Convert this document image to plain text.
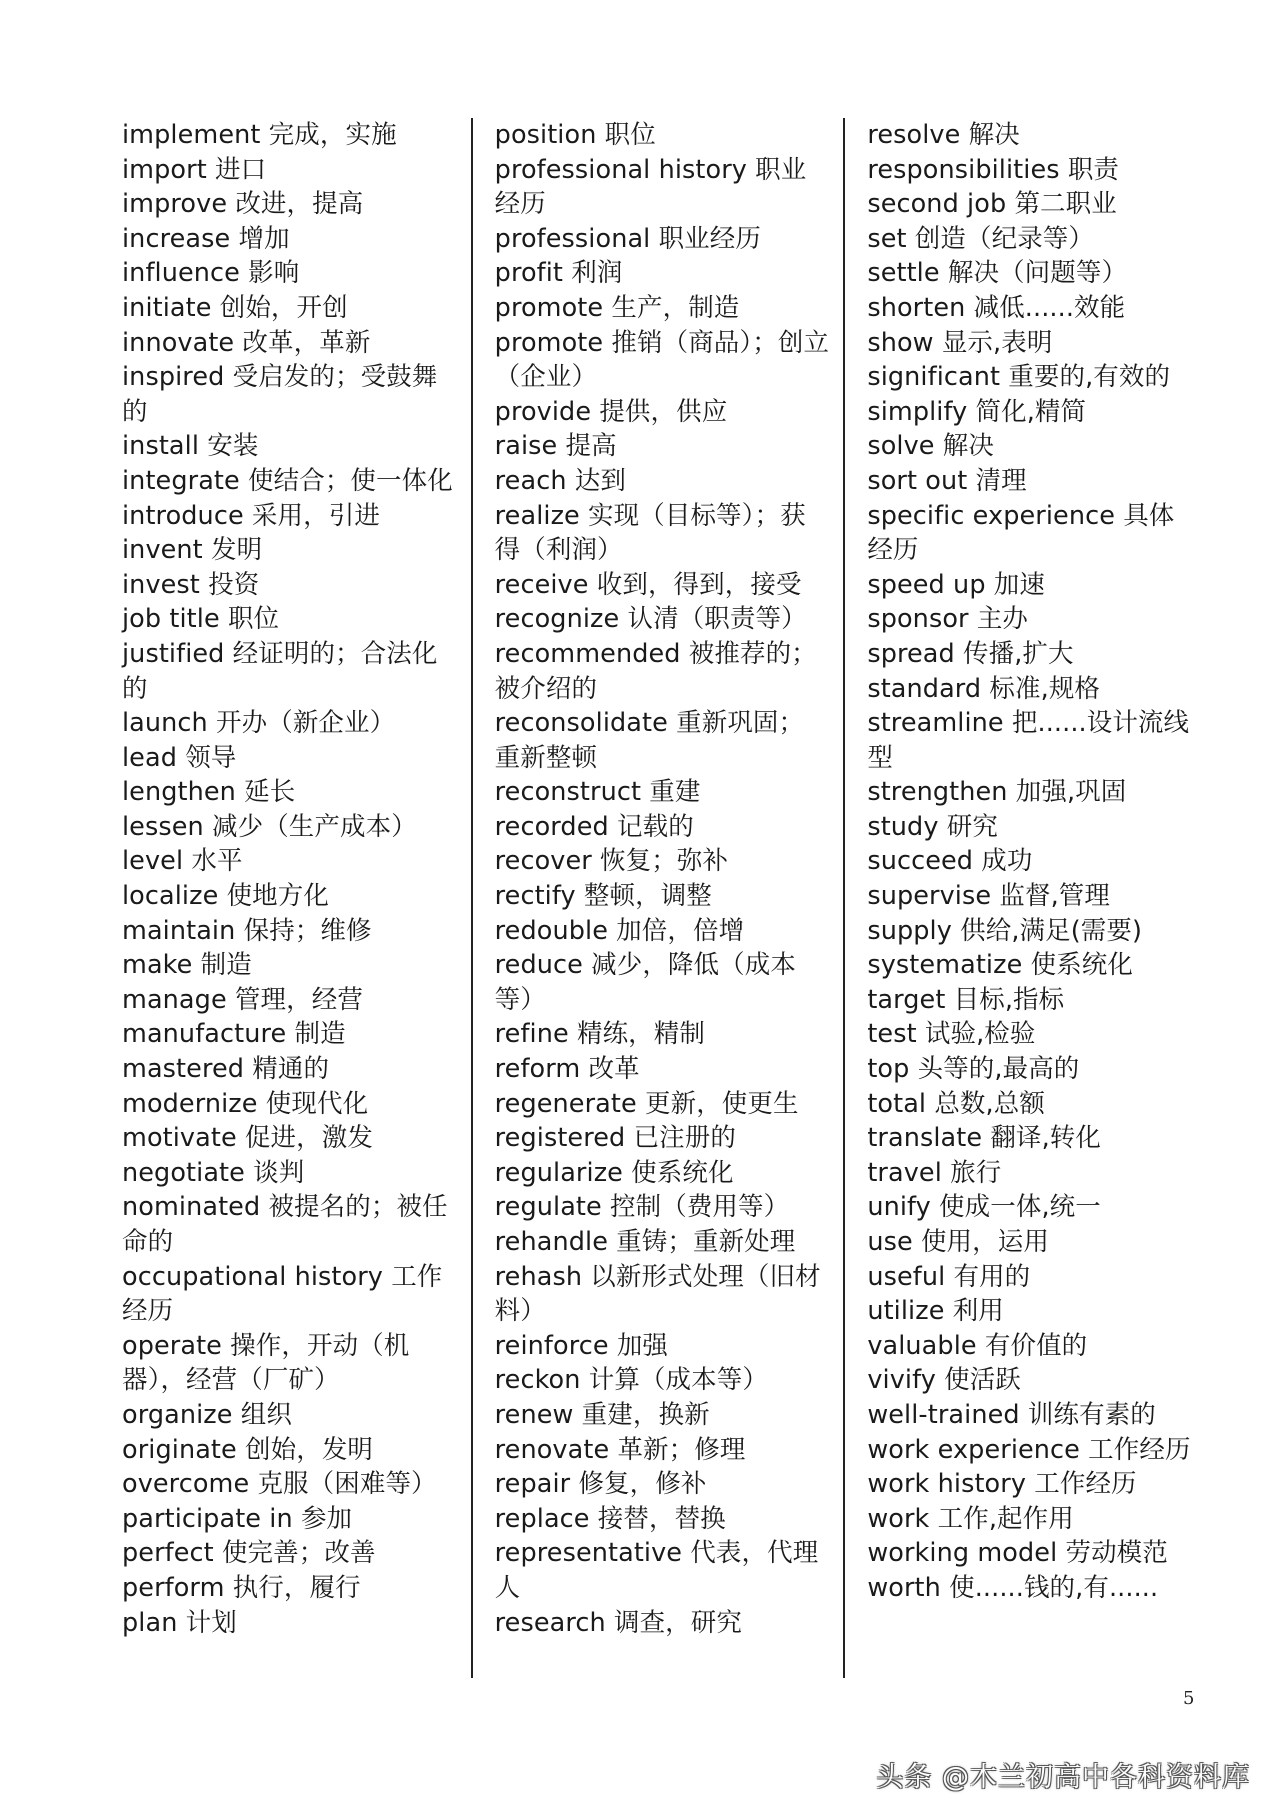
implement 完成，实施
import 进口
improve 改进，提高
increase 增加
influence 影响
initiate 创始，开创
innovate 改革，革新
inspired 受启发的；受鼓舞的
install 安装
integrate 使结合；使一体化
introduce 采用，引进
invent 发明
invest 投资
job title 职位
justified 经证明的；合法化的
launch 开办（新企业）
lead 领导
lengthen 延长
lessen 减少（生产成本）
level 水平
localize 使地方化
maintain 保持；维修
make 制造
manage 管理，经营
manufacture 制造
mastered 精通的
modernize 使现代化
motivate 促进，激发
negotiate 谈判
nominated 被提名的；被任命的
occupational history 工作经历
operate 操作，开动（机器），经营（厂矿）
organize 组织
originate 创始，发明
overcome 克服（困难等）
participate in 参加
perfect 使完善；改善
perform 执行，履行
plan 计划
position 职位
professional history 职业经历
professional 职业经历
profit 利润
promote 生产，制造
promote 推销（商品）；创立（企业）
provide 提供，供应
raise 提高
reach 达到
realize 实现（目标等）；获得（利润）
receive 收到，得到，接受
recognize 认清（职责等）
recommended 被推荐的；被介绍的
reconsolidate 重新巩固；重新整顿
reconstruct 重建
recorded 记载的
recover 恢复；弥补
rectify 整顿，调整
redouble 加倍，倍增
reduce 减少，降低（成本等）
refine 精练，精制
reform 改革
regenerate 更新，使更生
registered 已注册的
regularize 使系统化
regulate 控制（费用等）
rehandle 重铸；重新处理
rehash 以新形式处理（旧材料）
reinforce 加强
reckon 计算（成本等）
renew 重建，换新
renovate 革新；修理
repair 修复，修补
replace 接替，替换
representative 代表，代理人
research 调查，研究
resolve 解决
responsibilities 职责
second job 第二职业
set 创造（纪录等）
settle 解决（问题等）
shorten 减低......效能
show 显示,表明
significant 重要的,有效的
simplify 简化,精简
solve 解决
sort out 清理
specific experience 具体经历
speed up 加速
sponsor 主办
spread 传播,扩大
standard 标准,规格
streamline 把......设计流线型
strengthen 加强,巩固
study 研究
succeed 成功
supervise 监督,管理
supply 供给,满足(需要)
systematize 使系统化
target 目标,指标
test 试验,检验
top 头等的,最高的
total 总数,总额
translate 翻译,转化
travel 旅行
unify 使成一体,统一
use 使用，运用
useful 有用的
utilize 利用
valuable 有价值的
vivify 使活跃
well-trained 训练有素的
work experience 工作经历
work history 工作经历
work 工作,起作用
working model 劳动模范
worth 使......钱的,有......
5
头条 @木兰初高中各科资料库
